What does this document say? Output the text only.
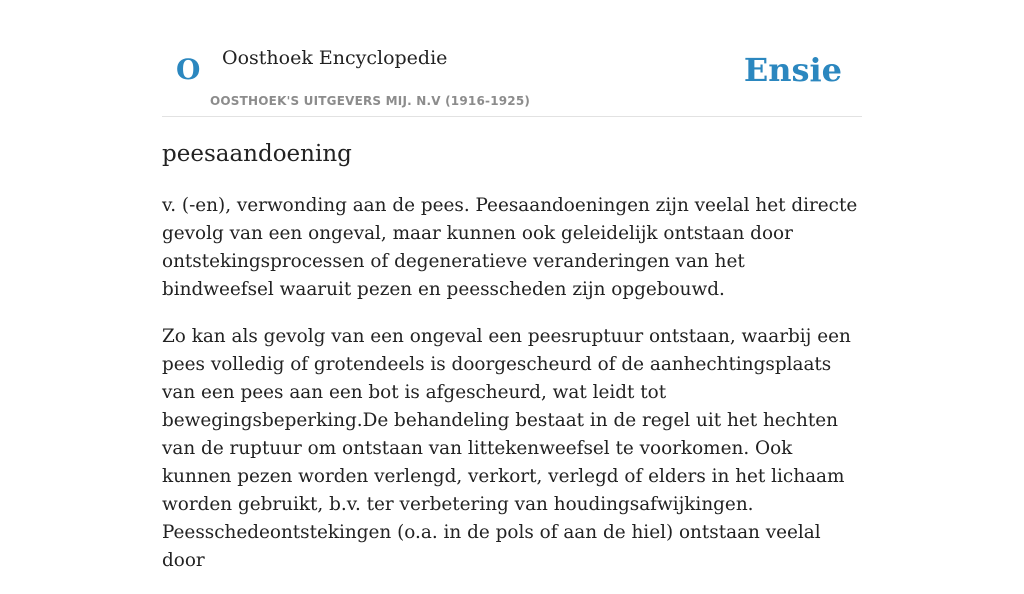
O Oosthoek Encyclopedie
OOSTHOEK'S UITGEVERS MIJ. N.V (1916-1925)
Ensie
peesaandoening

v. (-en), verwonding aan de pees. Peesaandoeningen zijn veelal het directe gevolg van een ongeval, maar kunnen ook geleidelijk ontstaan door ontstekingsprocessen of degeneratieve veranderingen van het bindweefsel waaruit pezen en peesscheden zijn opgebouwd.

Zo kan als gevolg van een ongeval een peesruptuur ontstaan, waarbij een pees volledig of grotendeels is doorgescheurd of de aanhechtingsplaats van een pees aan een bot is afgescheurd, wat leidt tot bewegingsbeperking.De behandeling bestaat in de regel uit het hechten van de ruptuur om ontstaan van littekenweefsel te voorkomen. Ook kunnen pezen worden verlengd, verkort, verlegd of elders in het lichaam worden gebruikt, b.v. ter verbetering van houdingsafwijkingen. Peesschedeontstekingen (o.a. in de pols of aan de hiel) ontstaan veelal door
